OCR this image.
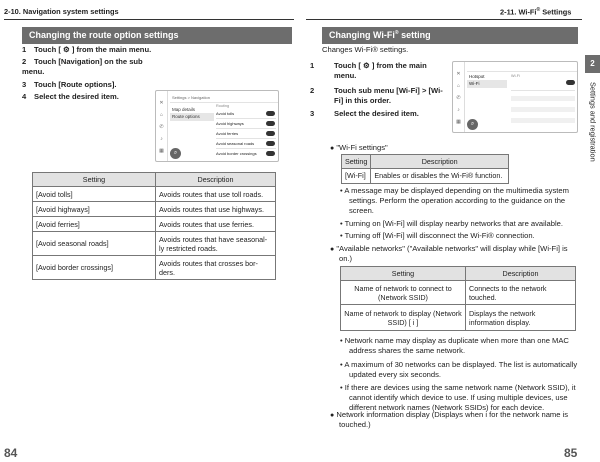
2-10. Navigation system settings
Changing the route option settings
1 Touch [ ⚙ ] from the main menu.
2 Touch [Navigation] on the sub menu.
3 Touch [Route options].
4 Select the desired item.
✕
⌂
✆
♪
▦
Settings > Navigation
Map details
Route options
Routing
Avoid tolls
Avoid highways
Avoid ferries
Avoid seasonal roads
Avoid border crossings
⌕
Setting	Description
[Avoid tolls]	Avoids routes that use toll roads.
[Avoid highways]	Avoids routes that use highways.
[Avoid ferries]	Avoids routes that use ferries.
[Avoid seasonal roads]	Avoids routes that have seasonal-ly restricted roads.
[Avoid border crossings]	Avoids routes that crosses bor-ders.
84
2-11. Wi-Fi® Settings
Changing Wi-Fi® setting
Changes Wi-Fi® settings.
1	Touch [ ⚙ ] from the main menu.
2	Touch sub menu [Wi-Fi] > [Wi-Fi] in this order.
3	Select the desired item.
✕
⌂
✆
♪
▦
Hotspot
Wi-Fi
Wi-Fi
⌕
2
Settings and registration
● "Wi-Fi settings"
Setting	Description
[Wi-Fi]	Enables or disables the Wi-Fi® function.
• A message may be displayed depending on the multimedia system settings. Perform the operation according to the guidance on the screen.
• Turning on [Wi-Fi] will display nearby networks that are available.
• Turning off [Wi-Fi] will disconnect the Wi-Fi® connection.
● "Available networks" ("Available networks" will display while [Wi-Fi] is on.)
Setting	Description
Name of network to connect to (Network SSID)	Connects to the network touched.
Name of network to display (Network SSID) [ i ]	Displays the network information display.
• Network name may display as duplicate when more than one MAC address shares the same network.
• A maximum of 30 networks can be displayed. The list is automatically updated every six seconds.
• If there are devices using the same network name (Network SSID), it cannot identify which device to use. If using multiple devices, use different network names (Network SSIDs) for each device.
● Network information display (Displays when i for the network name is touched.)
85
